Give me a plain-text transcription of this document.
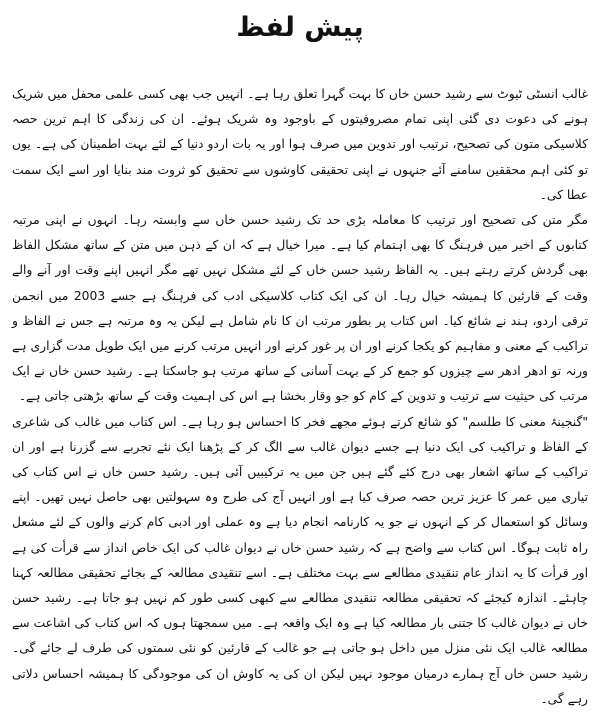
پیش لفظ

غالب انسٹی ٹیوٹ سے رشید حسن خاں کا بہت گہرا تعلق رہا ہے۔ انہیں جب بھی کسی علمی محفل میں شریک ہونے کی دعوت دی گئی اپنی تمام مصروفیتوں کے باوجود وہ شریک ہوئے۔ ان کی زندگی کا اہم ترین حصہ کلاسیکی متون کی تصحیح، ترتیب اور تدوین میں صرف ہوا اور یہ بات اردو دنیا کے لئے بہت اطمینان کی ہے۔ یوں تو کئی اہم محققین سامنے آئے جنہوں نے اپنی تحقیقی کاوشوں سے تحقیق کو ثروت مند بنایا اور اسے ایک سمت عطا کی۔

مگر متن کی تصحیح اور ترتیب کا معاملہ بڑی حد تک رشید حسن خاں سے وابستہ رہا۔ انہوں نے اپنی مرتبہ کتابوں کے اخیر میں فرہنگ کا بھی اہتمام کیا ہے۔ میرا خیال ہے کہ ان کے ذہن میں متن کے ساتھ مشکل الفاظ بھی گردش کرتے رہتے ہیں۔ یہ الفاظ رشید حسن خاں کے لئے مشکل نہیں تھے مگر انہیں اپنے وقت اور آنے والے وقت کے قارئین کا ہمیشہ خیال رہا۔ ان کی ایک کتاب کلاسیکی ادب کی فرہنگ ہے جسے 2003 میں انجمن ترقی اردو، ہند نے شائع کیا۔ اس کتاب پر بطور مرتب ان کا نام شامل ہے لیکن یہ وہ مرتبہ ہے جس نے الفاظ و تراکیب کے معنی و مفاہیم کو یکجا کرنے اور ان پر غور کرنے اور انہیں مرتب کرنے میں ایک طویل مدت گزاری ہے ورنہ تو ادھر ادھر سے چیزوں کو جمع کر کے بہت آسانی کے ساتھ مرتب ہو جاسکتا ہے۔ رشید حسن خاں نے ایک مرتب کی حیثیت سے ترتیب و تدوین کے کام کو جو وقار بخشا ہے اس کی اہمیت وقت کے ساتھ بڑھتی جاتی ہے۔

"گنجینۂ معنی کا طلسم" کو شائع کرتے ہوئے مجھے فخر کا احساس ہو رہا ہے۔ اس کتاب میں غالب کی شاعری کے الفاظ و تراکیب کی ایک دنیا ہے جسے دیوان غالب سے الگ کر کے پڑھنا ایک نئے تجربے سے گزرنا ہے اور ان تراکیب کے ساتھ اشعار بھی درج کئے گئے ہیں جن میں یہ ترکیبیں آئی ہیں۔ رشید حسن خاں نے اس کتاب کی تیاری میں عمر کا عزیز ترین حصہ صرف کیا ہے اور انہیں آج کی طرح وہ سہولتیں بھی حاصل نہیں تھیں۔ اپنے وسائل کو استعمال کر کے انہوں نے جو یہ کارنامہ انجام دیا ہے وہ عملی اور ادبی کام کرنے والوں کے لئے مشعل راہ ثابت ہوگا۔ اس کتاب سے واضح ہے کہ رشید حسن خاں نے دیوان غالب کی ایک خاص انداز سے قرأت کی ہے اور قرأت کا یہ انداز عام تنقیدی مطالعے سے بہت مختلف ہے۔ اسے تنقیدی مطالعہ کے بجائے تحقیقی مطالعہ کہنا چاہئے۔ اندازہ کیجئے کہ تحقیقی مطالعہ تنقیدی مطالعے سے کبھی کسی طور کم نہیں ہو جاتا ہے۔ رشید حسن خاں نے دیوان غالب کا جتنی بار مطالعہ کیا ہے وہ ایک واقعہ ہے۔ میں سمجھتا ہوں کہ اس کتاب کی اشاعت سے مطالعہ غالب ایک نئی منزل میں داخل ہو جاتی ہے جو غالب کے قارئین کو نئی سمتوں کی طرف لے جائے گی۔ رشید حسن خاں آج ہمارے درمیان موجود نہیں لیکن ان کی یہ کاوش ان کی موجودگی کا ہمیشہ احساس دلاتی رہے گی۔
